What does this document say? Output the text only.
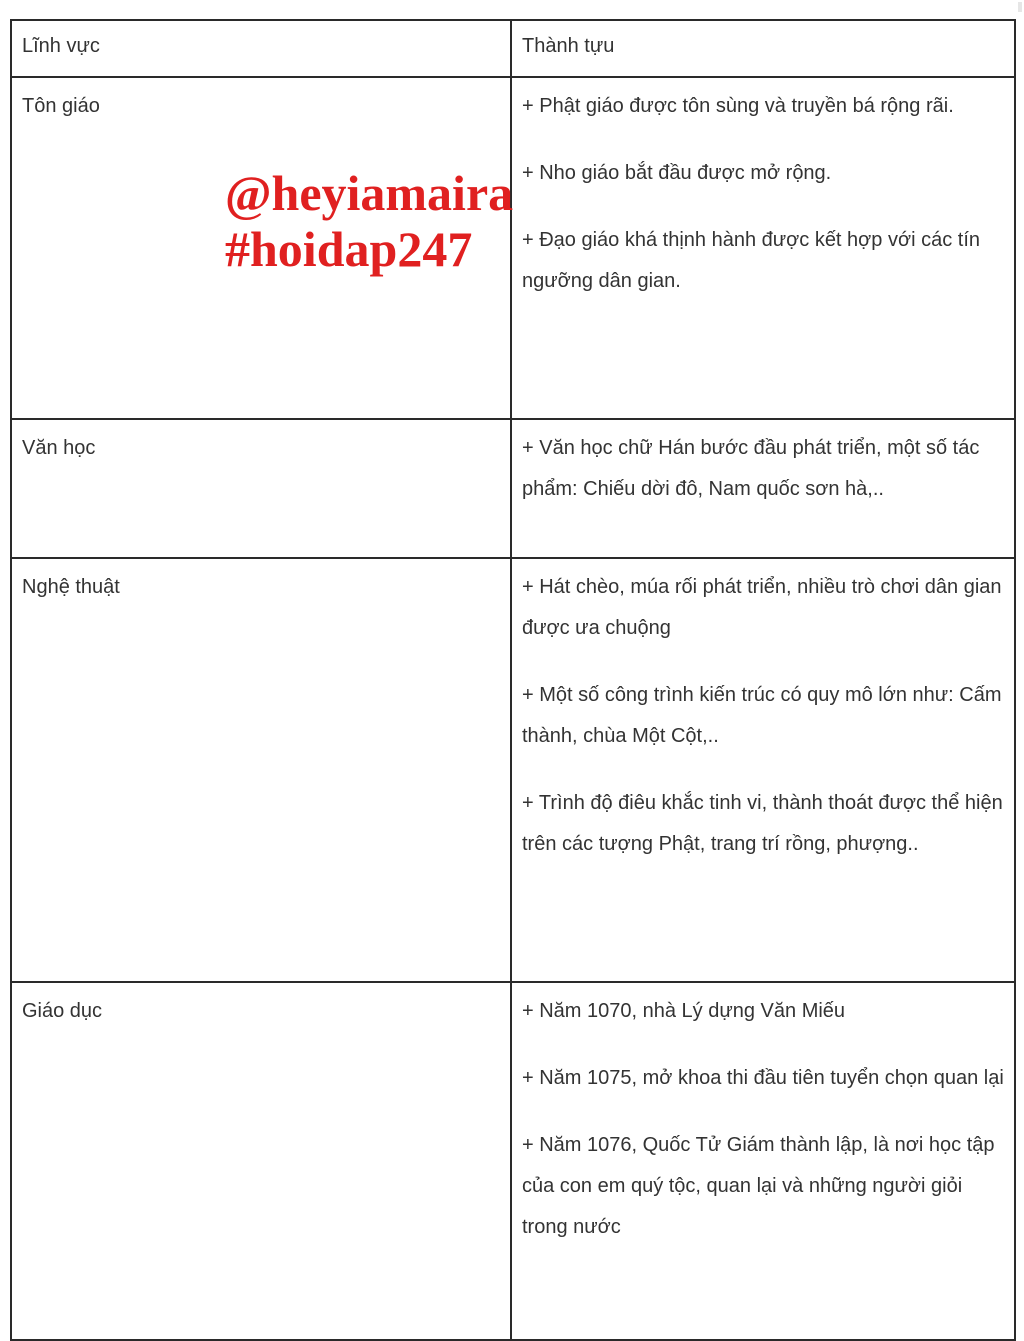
Lĩnh vực	Thành tựu

Tôn giáo	+ Phật giáo được tôn sùng và truyền bá rộng rãi.

+ Nho giáo bắt đầu được mở rộng.

+ Đạo giáo khá thịnh hành được kết hợp với các tín ngưỡng dân gian.

Văn học	+ Văn học chữ Hán bước đầu phát triển, một số tác phẩm: Chiếu dời đô, Nam quốc sơn hà,..

Nghệ thuật	+ Hát chèo, múa rối phát triển, nhiều trò chơi dân gian được ưa chuộng

+ Một số công trình kiến trúc có quy mô lớn như: Cấm thành, chùa Một Cột,..

+ Trình độ điêu khắc tinh vi, thành thoát được thể hiện trên các tượng Phật, trang trí rồng, phượng..

Giáo dục	+ Năm 1070, nhà Lý dựng Văn Miếu

+ Năm 1075, mở khoa thi đầu tiên tuyển chọn quan lại

+ Năm 1076, Quốc Tử Giám thành lập, là nơi học tập của con em quý tộc, quan lại và những người giỏi trong nước

@heyiamaira
#hoidap247
